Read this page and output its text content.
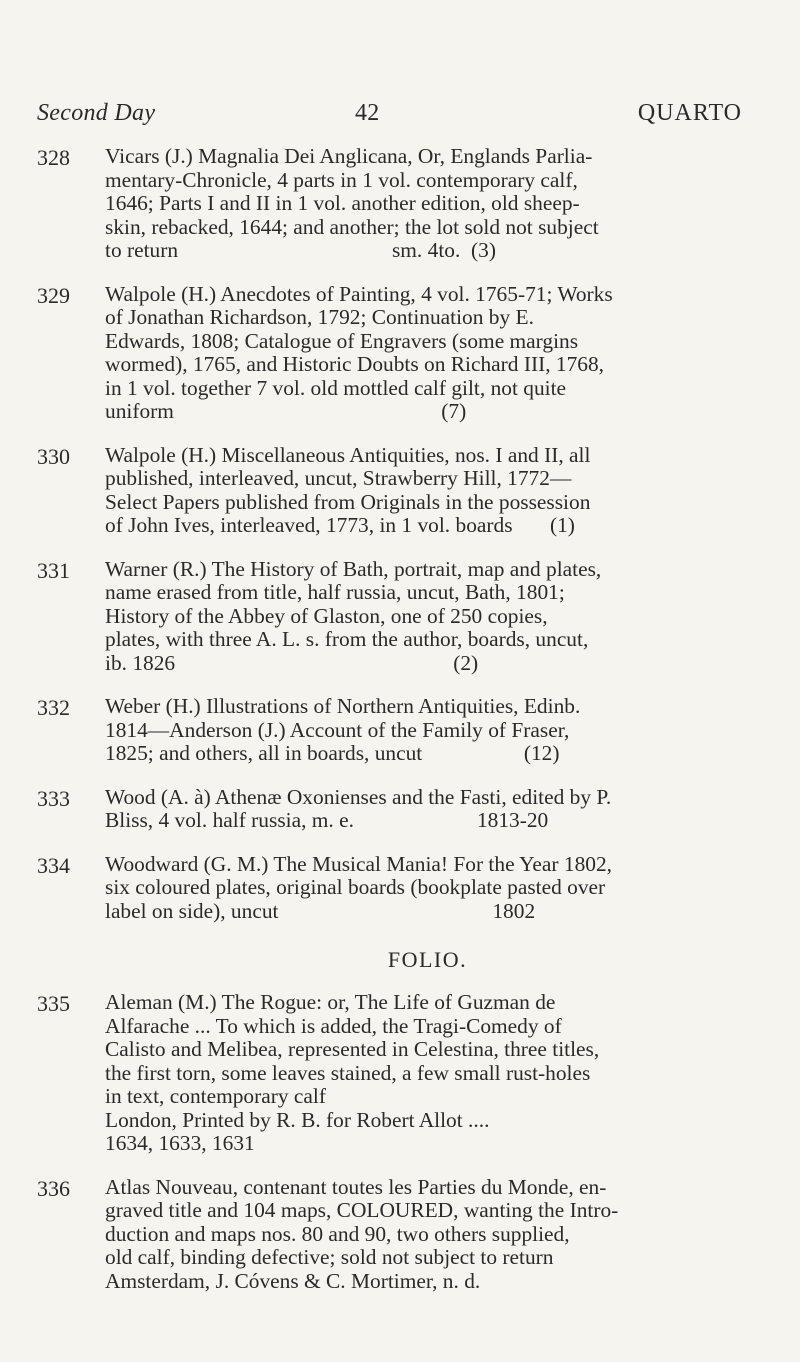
Second Day	42	QUARTO
328	Vicars (J.) Magnalia Dei Anglicana, Or, Englands Parlia-
mentary-Chronicle, 4 parts in 1 vol. contemporary calf,
1646; Parts I and II in 1 vol. another edition, old sheep-
skin, rebacked, 1644; and another; the lot sold not subject
to return                                        sm. 4to.  (3)
329	Walpole (H.) Anecdotes of Painting, 4 vol. 1765-71; Works
of Jonathan Richardson, 1792; Continuation by E.
Edwards, 1808; Catalogue of Engravers (some margins
wormed), 1765, and Historic Doubts on Richard III, 1768,
in 1 vol. together 7 vol. old mottled calf gilt, not quite
uniform                                                  (7)
330	Walpole (H.) Miscellaneous Antiquities, nos. I and II, all
published, interleaved, uncut, Strawberry Hill, 1772—
Select Papers published from Originals in the possession
of John Ives, interleaved, 1773, in 1 vol. boards       (1)
331	Warner (R.) The History of Bath, portrait, map and plates,
name erased from title, half russia, uncut, Bath, 1801;
History of the Abbey of Glaston, one of 250 copies,
plates, with three A. L. s. from the author, boards, uncut,
ib. 1826                                                    (2)
332	Weber (H.) Illustrations of Northern Antiquities, Edinb.
1814—Anderson (J.) Account of the Family of Fraser,
1825; and others, all in boards, uncut                   (12)
333	Wood (A. à) Athenæ Oxonienses and the Fasti, edited by P.
Bliss, 4 vol. half russia, m. e.                       1813-20
334	Woodward (G. M.) The Musical Mania! For the Year 1802,
six coloured plates, original boards (bookplate pasted over
label on side), uncut                                        1802
FOLIO.
335	Aleman (M.) The Rogue: or, The Life of Guzman de
Alfarache ... To which is added, the Tragi-Comedy of
Calisto and Melibea, represented in Celestina, three titles,
the first torn, some leaves stained, a few small rust-holes
in text, contemporary calf
London, Printed by R. B. for Robert Allot ....
1634, 1633, 1631
336	Atlas Nouveau, contenant toutes les Parties du Monde, en-
graved title and 104 maps, COLOURED, wanting the Intro-
duction and maps nos. 80 and 90, two others supplied,
old calf, binding defective; sold not subject to return
Amsterdam, J. Cóvens & C. Mortimer, n. d.
